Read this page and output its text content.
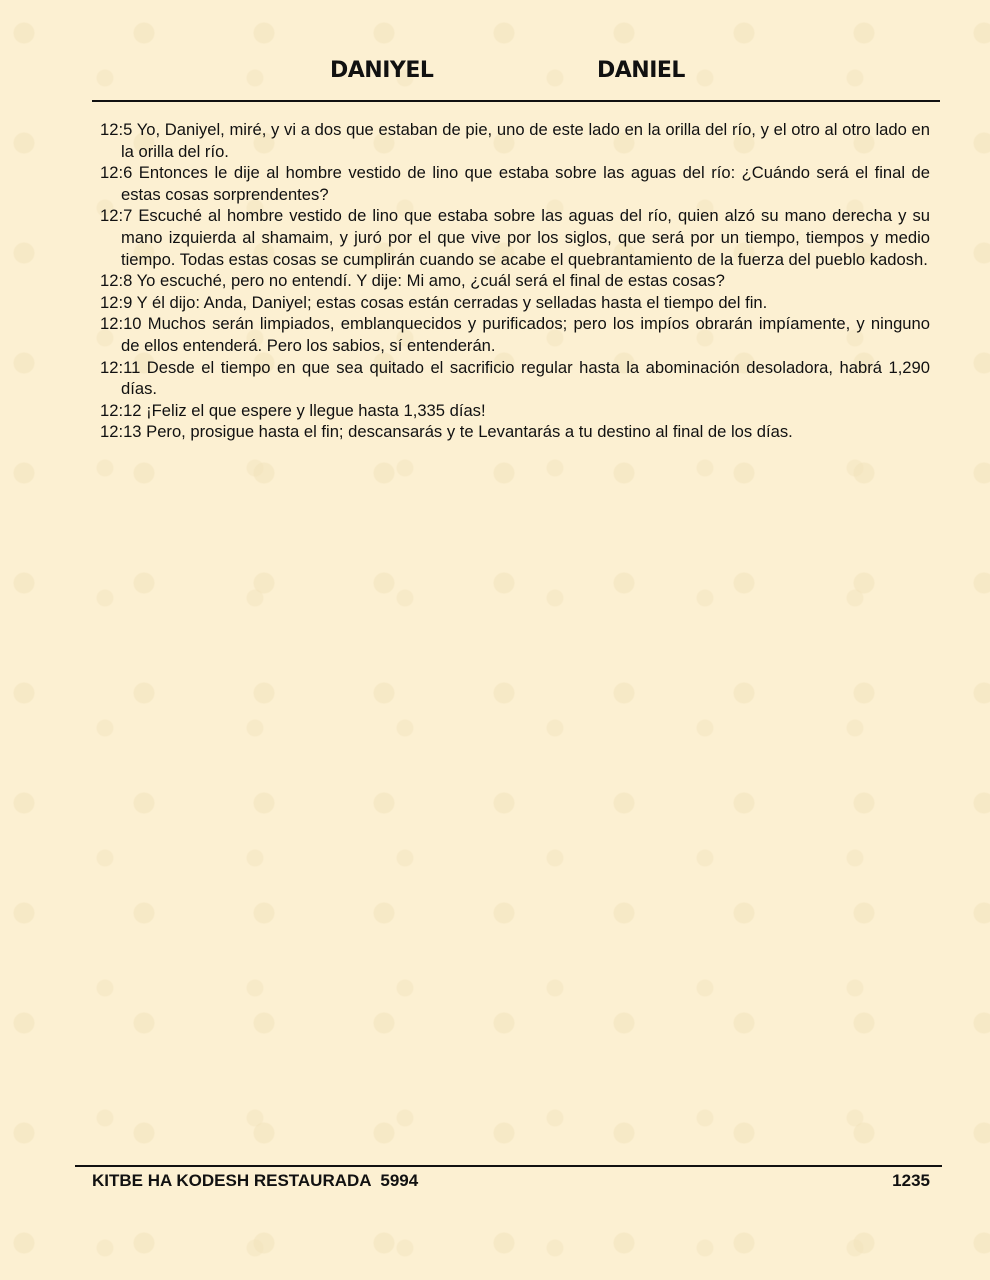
DANIYEL	DANIEL

12:5 Yo, Daniyel, miré, y vi a dos que estaban de pie, uno de este lado en la orilla del río, y el otro al otro lado en la orilla del río.

12:6 Entonces le dije al hombre vestido de lino que estaba sobre las aguas del río: ¿Cuándo será el final de estas cosas sorprendentes?

12:7 Escuché al hombre vestido de lino que estaba sobre las aguas del río, quien alzó su mano derecha y su mano izquierda al shamaim, y juró por el que vive por los siglos, que será por un tiempo, tiempos y medio tiempo. Todas estas cosas se cumplirán cuando se acabe el quebrantamiento de la fuerza del pueblo kadosh.

12:8 Yo escuché, pero no entendí. Y dije: Mi amo, ¿cuál será el final de estas cosas?

12:9 Y él dijo: Anda, Daniyel; estas cosas están cerradas y selladas hasta el tiempo del fin.

12:10 Muchos serán limpiados, emblanquecidos y purificados; pero los impíos obrarán impíamente, y ninguno de ellos entenderá. Pero los sabios, sí entenderán.

12:11 Desde el tiempo en que sea quitado el sacrificio regular hasta la abominación desoladora, habrá 1,290 días.

12:12 ¡Feliz el que espere y llegue hasta 1,335 días!

12:13 Pero, prosigue hasta el fin; descansarás y te Levantarás a tu destino al final de los días.

KITBE HA KODESH RESTAURADA  5994	1235
